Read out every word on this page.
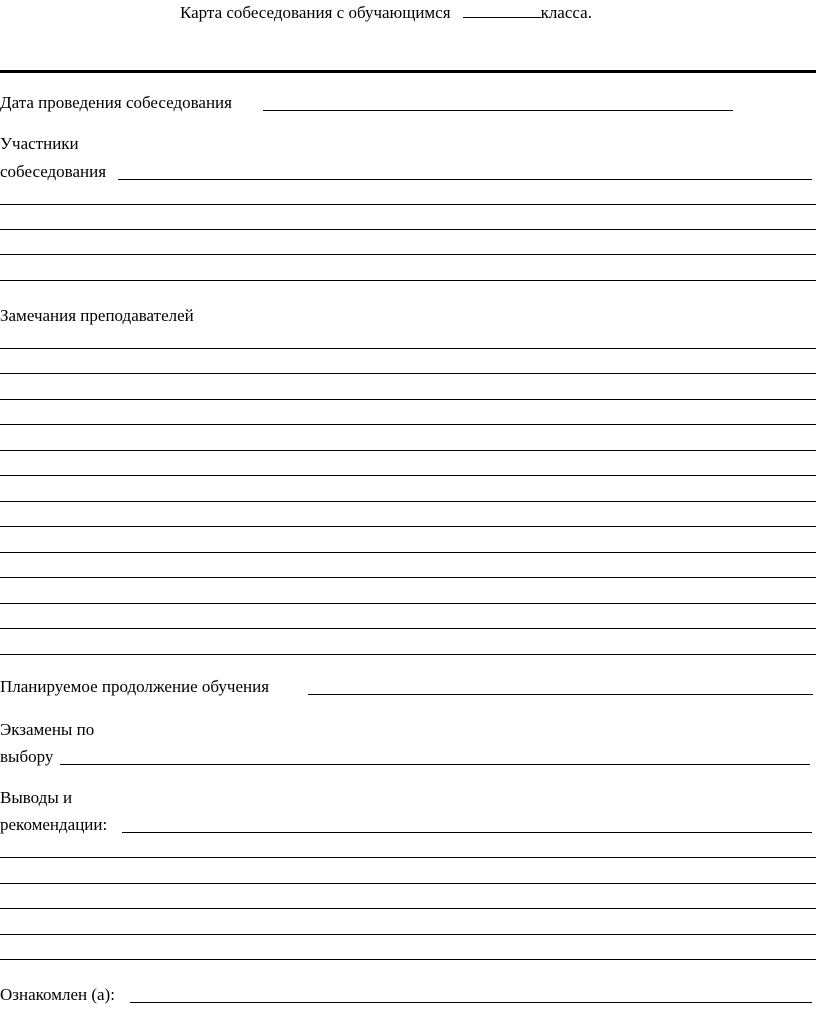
Карта собеседования с обучающимся	класса.
Дата проведения собеседования
Участники
собеседования
Замечания преподавателей
Планируемое продолжение обучения
Экзамены по
выбору
Выводы и
рекомендации:
Ознакомлен (а):
